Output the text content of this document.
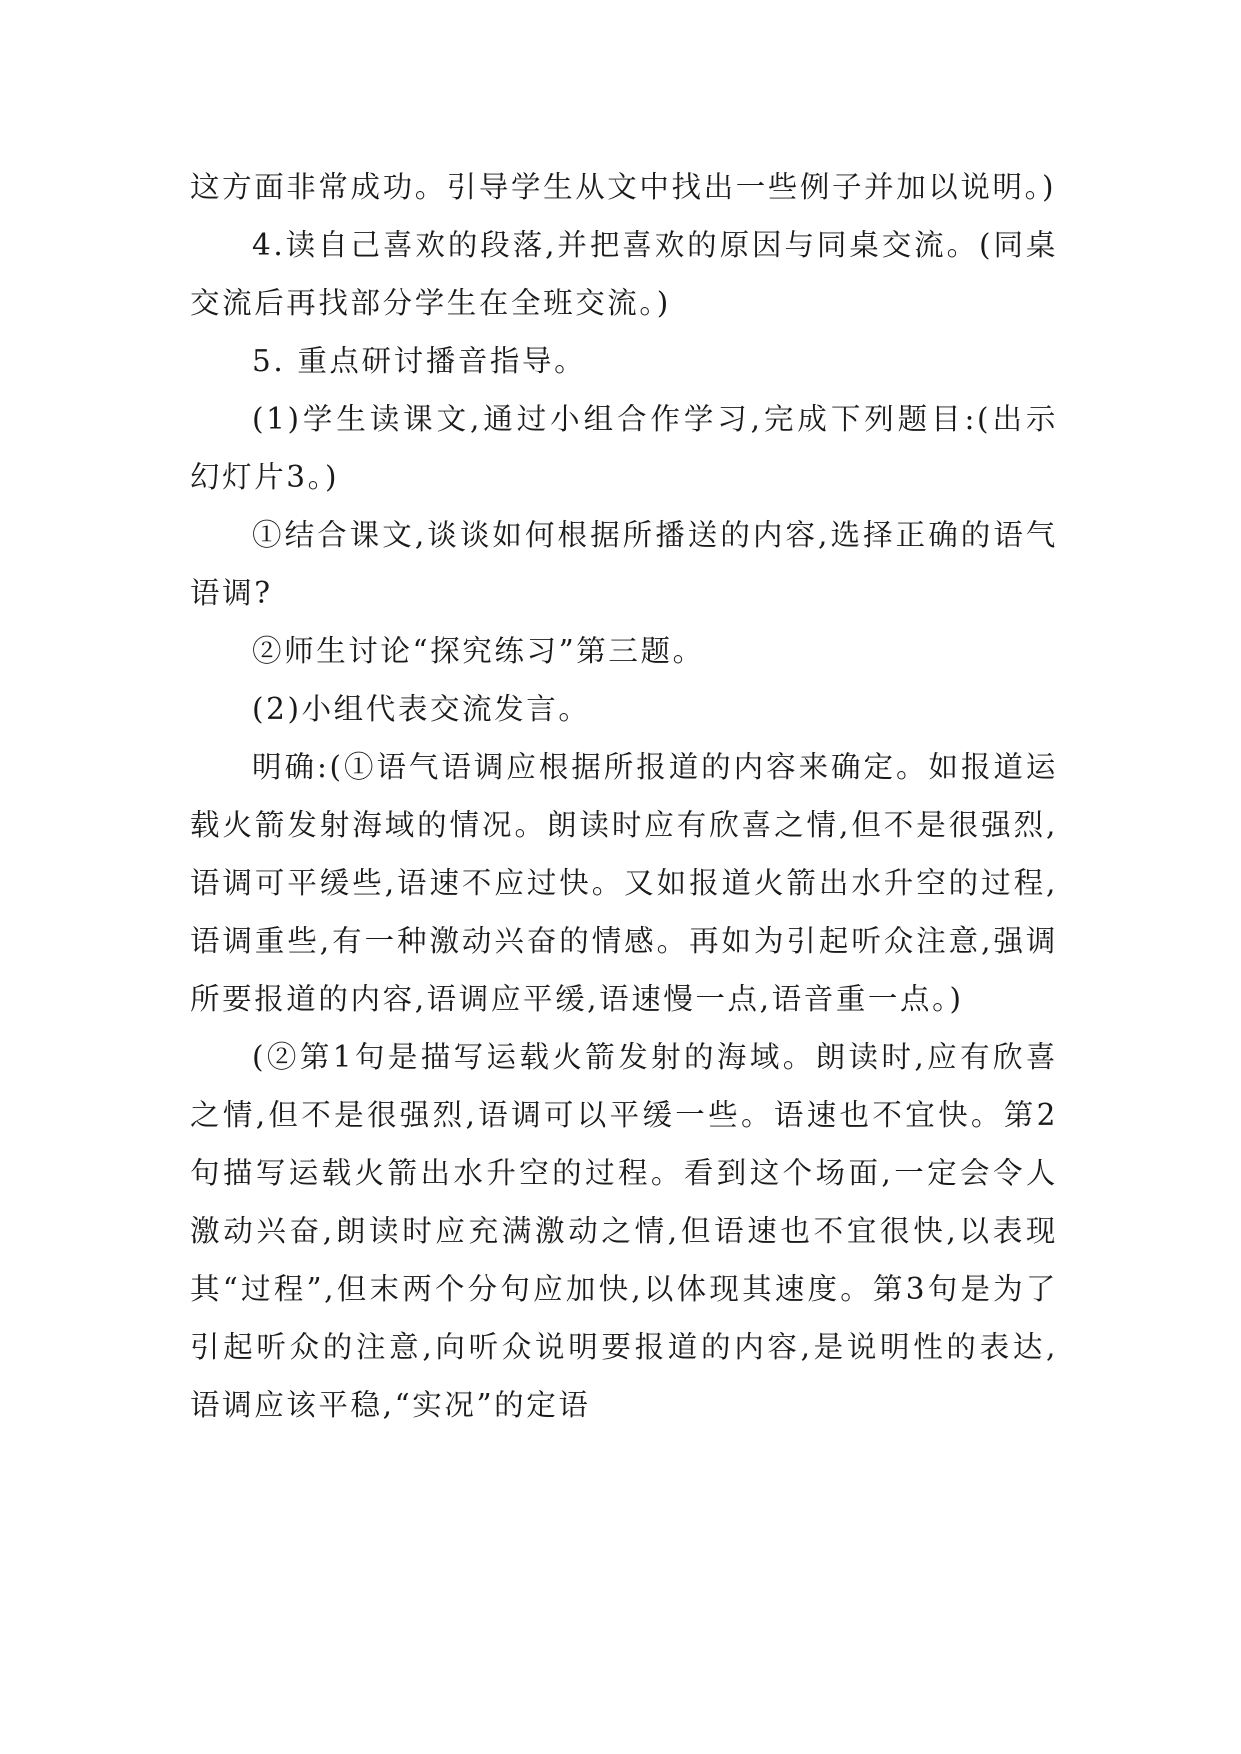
这方面非常成功。引导学生从文中找出一些例子并加以说明。)

4.读自己喜欢的段落,并把喜欢的原因与同桌交流。(同桌交流后再找部分学生在全班交流。)

5. 重点研讨播音指导。

(1)学生读课文,通过小组合作学习,完成下列题目:(出示幻灯片3。)

①结合课文,谈谈如何根据所播送的内容,选择正确的语气语调?

②师生讨论“探究练习”第三题。

(2)小组代表交流发言。

明确:(①语气语调应根据所报道的内容来确定。如报道运载火箭发射海域的情况。朗读时应有欣喜之情,但不是很强烈,语调可平缓些,语速不应过快。又如报道火箭出水升空的过程,语调重些,有一种激动兴奋的情感。再如为引起听众注意,强调所要报道的内容,语调应平缓,语速慢一点,语音重一点。)

(②第1句是描写运载火箭发射的海域。朗读时,应有欣喜之情,但不是很强烈,语调可以平缓一些。语速也不宜快。第2句描写运载火箭出水升空的过程。看到这个场面,一定会令人激动兴奋,朗读时应充满激动之情,但语速也不宜很快,以表现其“过程”,但末两个分句应加快,以体现其速度。第3句是为了引起听众的注意,向听众说明要报道的内容,是说明性的表达,语调应该平稳,“实况”的定语
